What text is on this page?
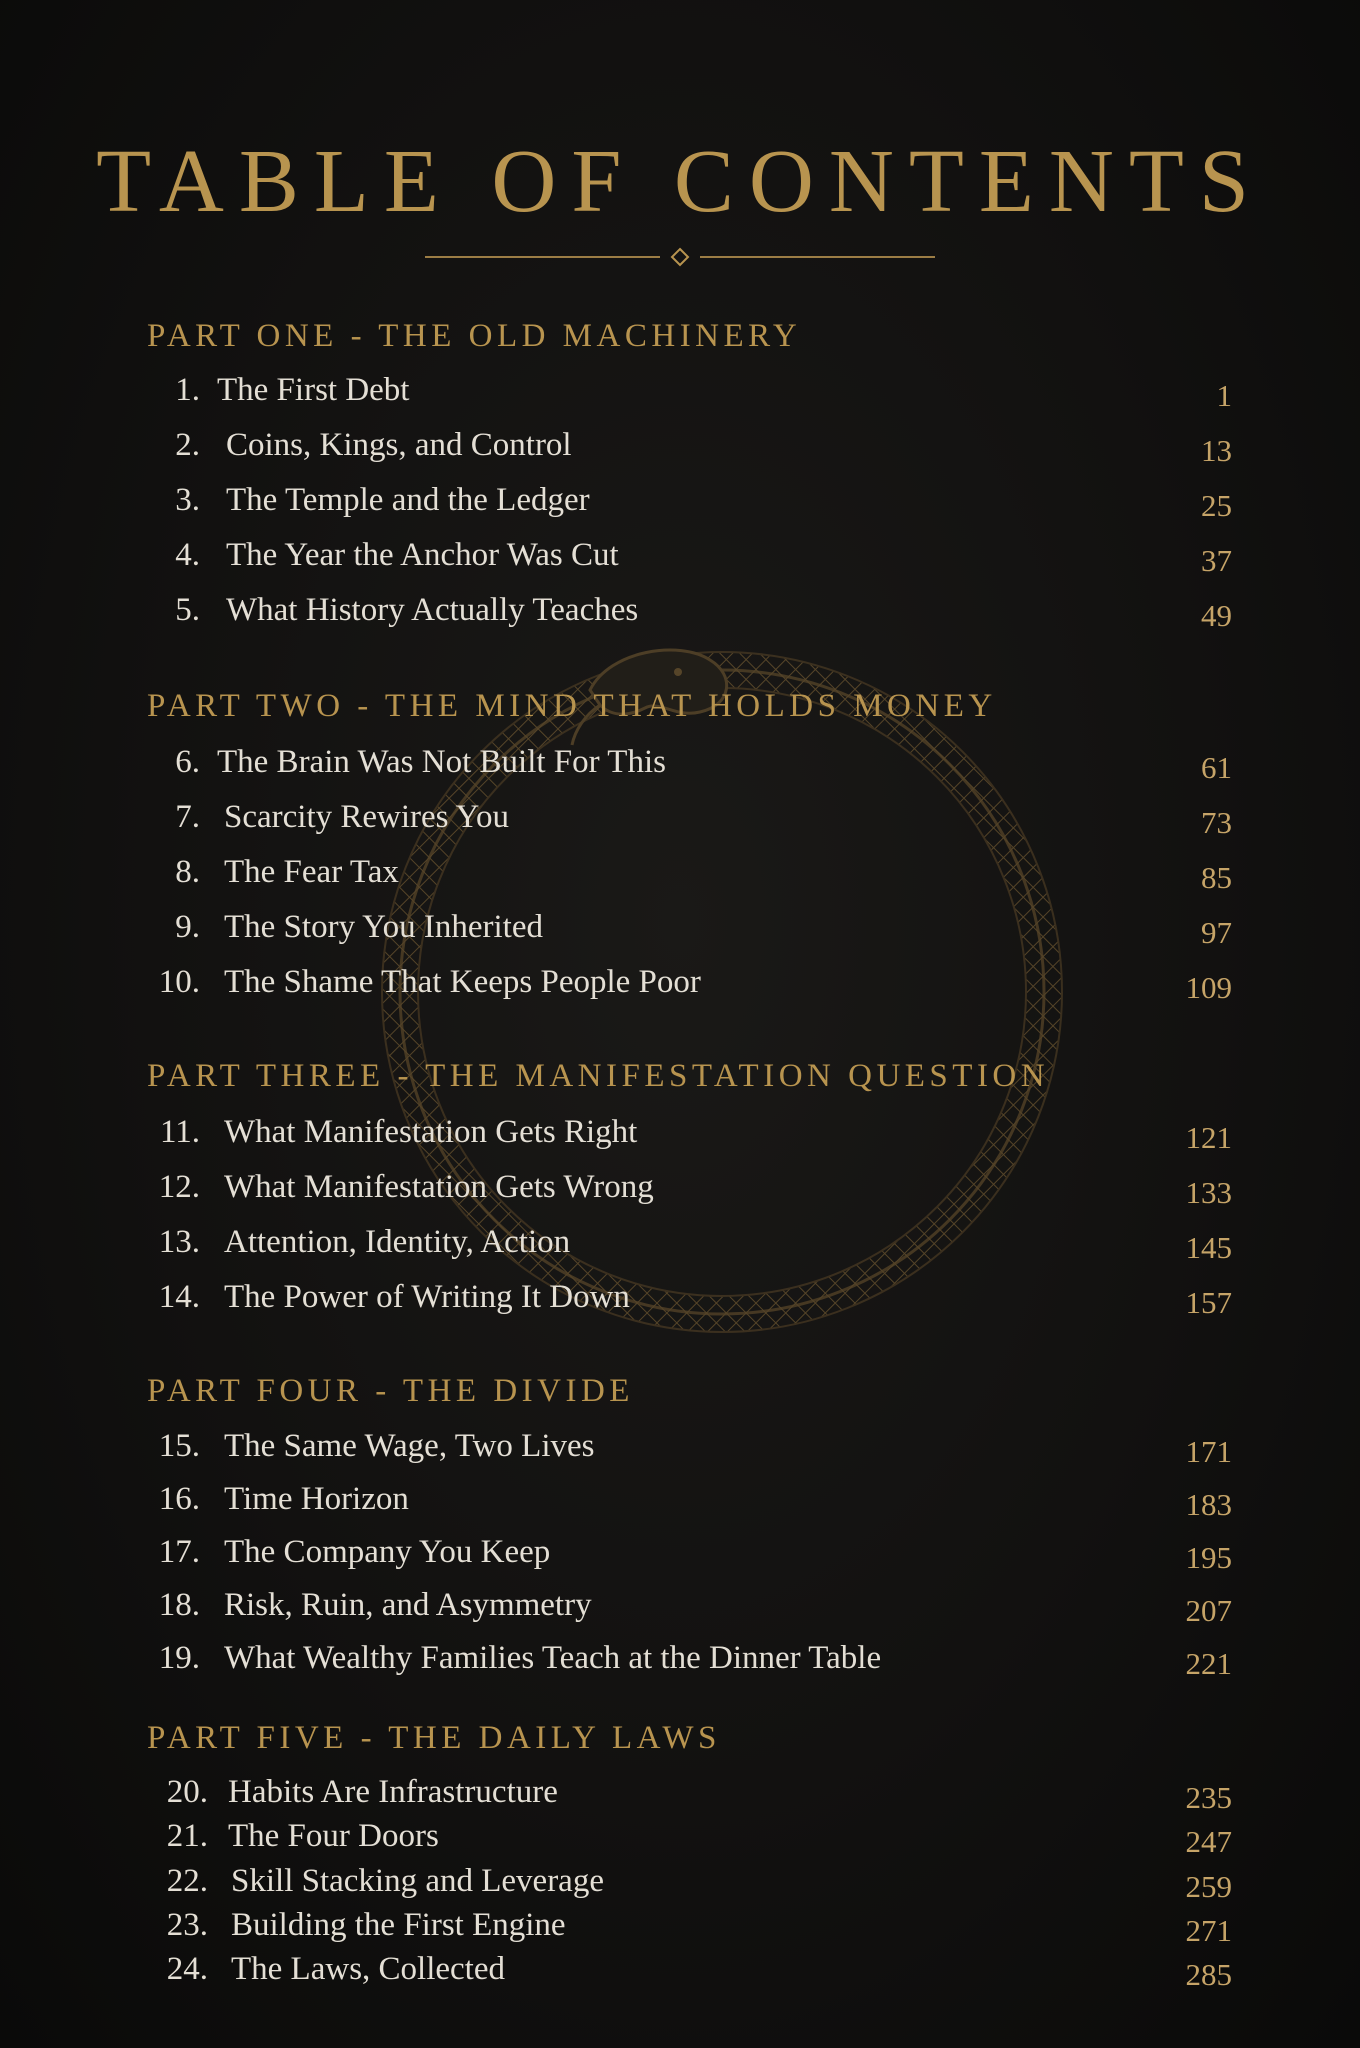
TABLE OF CONTENTS
PART ONE - THE OLD MACHINERY
1. The First Debt	1
2. Coins, Kings, and Control	13
3. The Temple and the Ledger	25
4. The Year the Anchor Was Cut	37
5. What History Actually Teaches	49
PART TWO - THE MIND THAT HOLDS MONEY
6. The Brain Was Not Built For This	61
7. Scarcity Rewires You	73
8. The Fear Tax	85
9. The Story You Inherited	97
10. The Shame That Keeps People Poor	109
PART THREE - THE MANIFESTATION QUESTION
11. What Manifestation Gets Right	121
12. What Manifestation Gets Wrong	133
13. Attention, Identity, Action	145
14. The Power of Writing It Down	157
PART FOUR - THE DIVIDE
15. The Same Wage, Two Lives	171
16. Time Horizon	183
17. The Company You Keep	195
18. Risk, Ruin, and Asymmetry	207
19. What Wealthy Families Teach at the Dinner Table	221
PART FIVE - THE DAILY LAWS
20. Habits Are Infrastructure	235
21. The Four Doors	247
22. Skill Stacking and Leverage	259
23. Building the First Engine	271
24. The Laws, Collected	285
